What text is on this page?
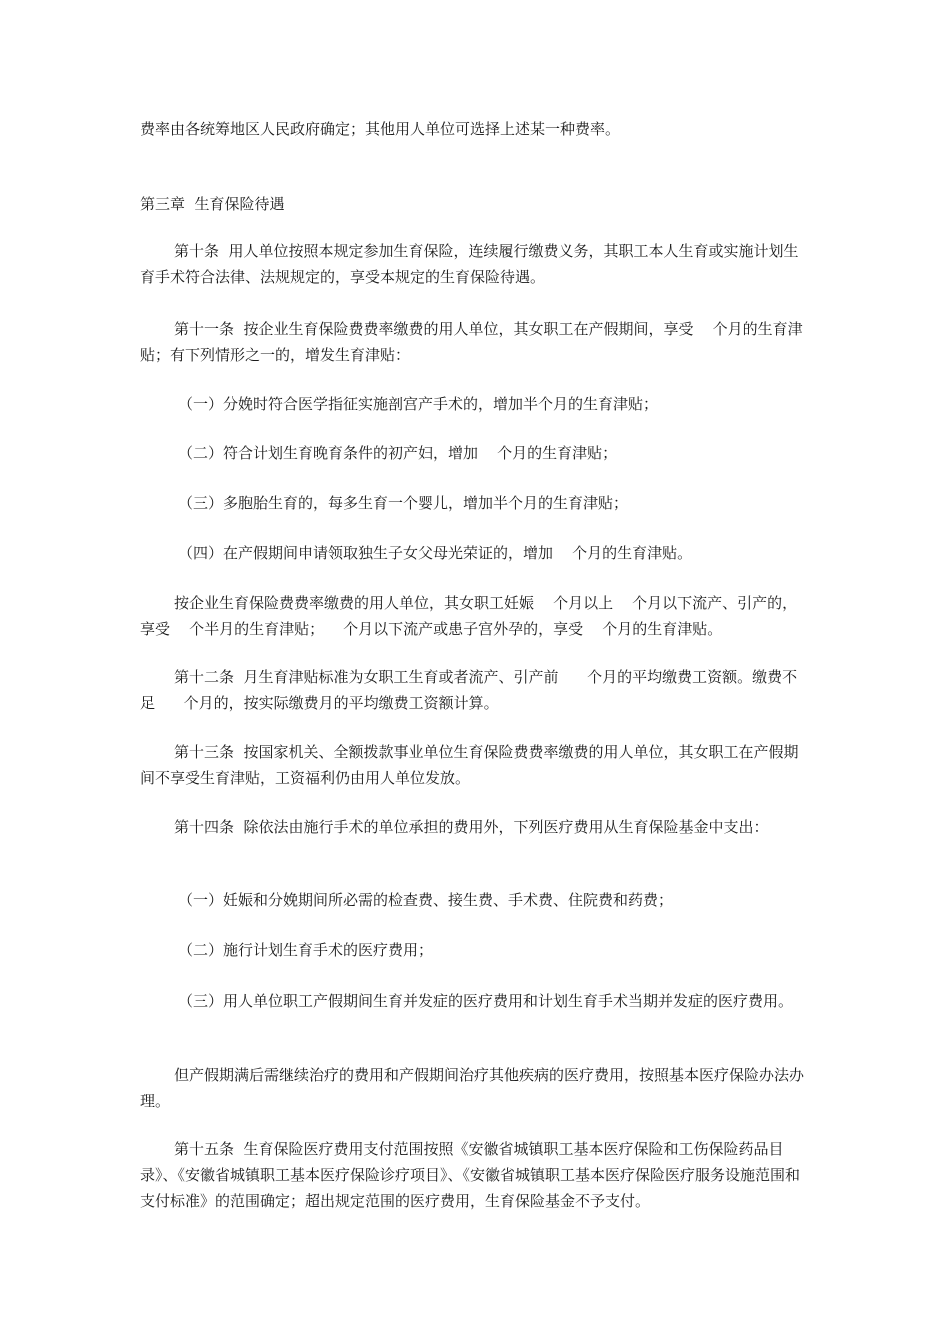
费率由各统筹地区人民政府确定；其他用人单位可选择上述某一种费率。

第三章  生育保险待遇

第十条  用人单位按照本规定参加生育保险，连续履行缴费义务，其职工本人生育或实施计划生育手术符合法律、法规规定的，享受本规定的生育保险待遇。

第十一条  按企业生育保险费费率缴费的用人单位，其女职工在产假期间，享受    个月的生育津贴；有下列情形之一的，增发生育津贴：

（一）分娩时符合医学指征实施剖宫产手术的，增加半个月的生育津贴；

（二）符合计划生育晚育条件的初产妇，增加    个月的生育津贴；

（三）多胞胎生育的，每多生育一个婴儿，增加半个月的生育津贴；

（四）在产假期间申请领取独生子女父母光荣证的，增加    个月的生育津贴。

按企业生育保险费费率缴费的用人单位，其女职工妊娠    个月以上    个月以下流产、引产的，享受    个半月的生育津贴；    个月以下流产或患子宫外孕的，享受    个月的生育津贴。

第十二条  月生育津贴标准为女职工生育或者流产、引产前      个月的平均缴费工资额。缴费不足      个月的，按实际缴费月的平均缴费工资额计算。

第十三条  按国家机关、全额拨款事业单位生育保险费费率缴费的用人单位，其女职工在产假期间不享受生育津贴，工资福利仍由用人单位发放。

第十四条  除依法由施行手术的单位承担的费用外，下列医疗费用从生育保险基金中支出：

（一）妊娠和分娩期间所必需的检查费、接生费、手术费、住院费和药费；

（二）施行计划生育手术的医疗费用；

（三）用人单位职工产假期间生育并发症的医疗费用和计划生育手术当期并发症的医疗费用。

但产假期满后需继续治疗的费用和产假期间治疗其他疾病的医疗费用，按照基本医疗保险办法办理。

第十五条  生育保险医疗费用支付范围按照《安徽省城镇职工基本医疗保险和工伤保险药品目录》、《安徽省城镇职工基本医疗保险诊疗项目》、《安徽省城镇职工基本医疗保险医疗服务设施范围和支付标准》的范围确定；超出规定范围的医疗费用，生育保险基金不予支付。
